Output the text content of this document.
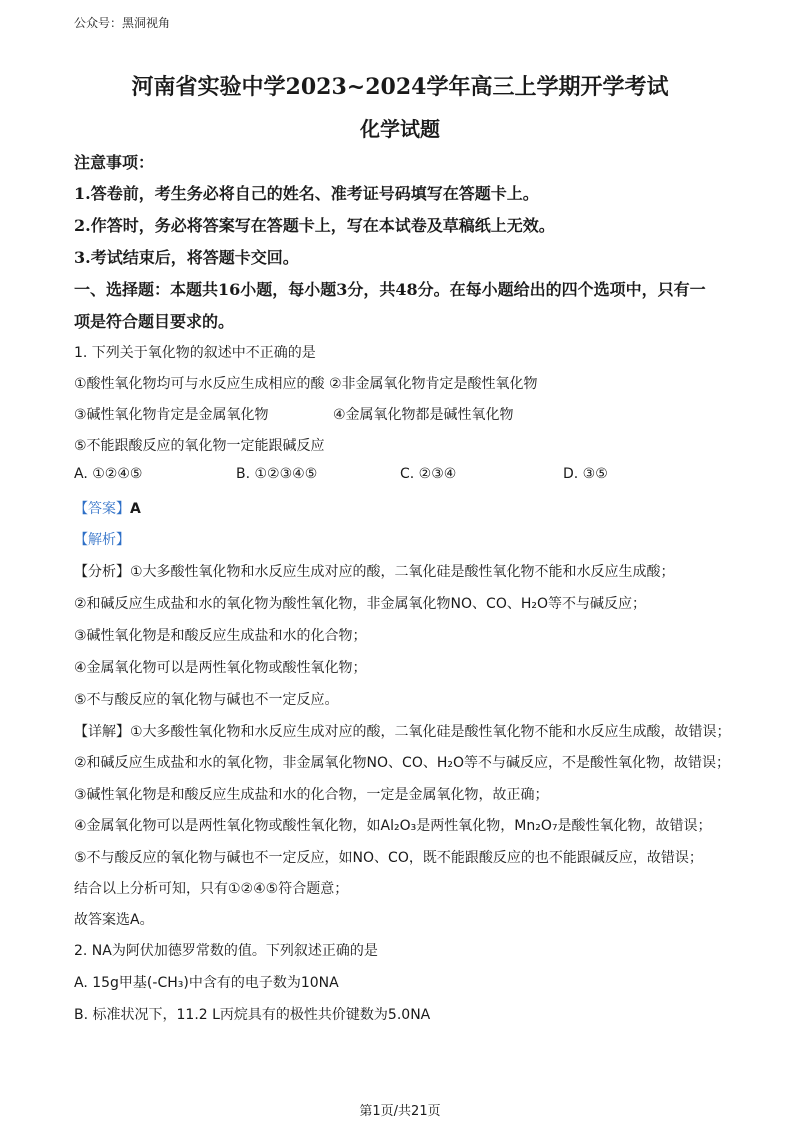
公众号：黑洞视角
河南省实验中学2023~2024学年高三上学期开学考试
化学试题
注意事项：
1.答卷前，考生务必将自己的姓名、准考证号码填写在答题卡上。
2.作答时，务必将答案写在答题卡上，写在本试卷及草稿纸上无效。
3.考试结束后，将答题卡交回。
一、选择题：本题共16小题，每小题3分，共48分。在每小题给出的四个选项中，只有一
项是符合题目要求的。
1. 下列关于氧化物的叙述中不正确的是
①酸性氧化物均可与水反应生成相应的酸 ②非金属氧化物肯定是酸性氧化物
③碱性氧化物肯定是金属氧化物	④金属氧化物都是碱性氧化物
⑤不能跟酸反应的氧化物一定能跟碱反应
A. ①②④⑤	B. ①②③④⑤	C. ②③④	D. ③⑤
【答案】A
【解析】
【分析】①大多酸性氧化物和水反应生成对应的酸，二氧化硅是酸性氧化物不能和水反应生成酸；
②和碱反应生成盐和水的氧化物为酸性氧化物，非金属氧化物NO、CO、H₂O等不与碱反应；
③碱性氧化物是和酸反应生成盐和水的化合物；
④金属氧化物可以是两性氧化物或酸性氧化物；
⑤不与酸反应的氧化物与碱也不一定反应。
【详解】①大多酸性氧化物和水反应生成对应的酸，二氧化硅是酸性氧化物不能和水反应生成酸，故错误；
②和碱反应生成盐和水的氧化物，非金属氧化物NO、CO、H₂O等不与碱反应，不是酸性氧化物，故错误；
③碱性氧化物是和酸反应生成盐和水的化合物，一定是金属氧化物，故正确；
④金属氧化物可以是两性氧化物或酸性氧化物，如Al₂O₃是两性氧化物，Mn₂O₇是酸性氧化物，故错误；
⑤不与酸反应的氧化物与碱也不一定反应，如NO、CO，既不能跟酸反应的也不能跟碱反应，故错误；
结合以上分析可知，只有①②④⑤符合题意；
故答案选A。
2. NA为阿伏加德罗常数的值。下列叙述正确的是
A. 15g甲基(-CH₃)中含有的电子数为10NA
B. 标准状况下，11.2 L丙烷具有的极性共价键数为5.0NA
第1页/共21页
